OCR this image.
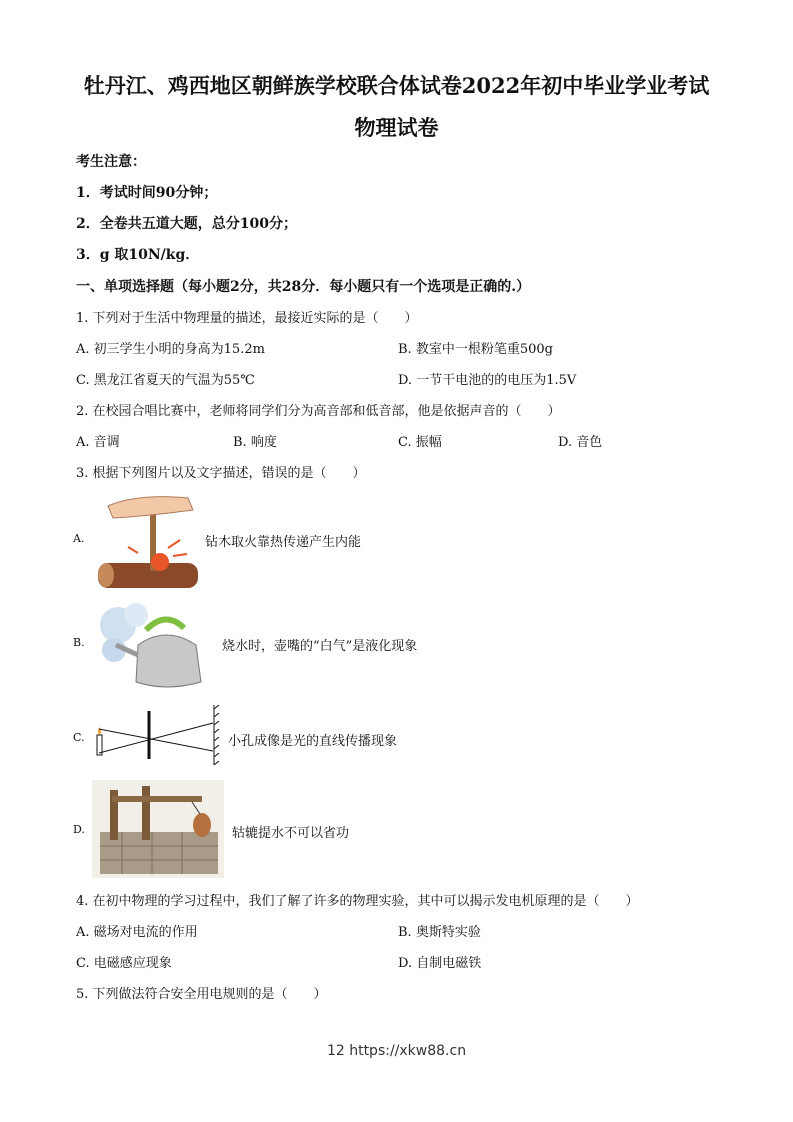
牡丹江、鸡西地区朝鲜族学校联合体试卷2022年初中毕业学业考试
物理试卷
考生注意：
1．考试时间90分钟；
2．全卷共五道大题，总分100分；
3．g 取10N/kg．
一、单项选择题（每小题2分，共28分．每小题只有一个选项是正确的.）
1. 下列对于生活中物理量的描述，最接近实际的是（　　）
A. 初三学生小明的身高为15.2m	B. 教室中一根粉笔重500g
C. 黑龙江省夏天的气温为55℃	D. 一节干电池的的电压为1.5V
2. 在校园合唱比赛中，老师将同学们分为高音部和低音部，他是依据声音的（　　）
A. 音调	B. 响度	C. 振幅	D. 音色
3. 根据下列图片以及文字描述，错误的是（　　）
A.	钻木取火靠热传递产生内能
B.	烧水时，壶嘴的“白气”是液化现象
C.	小孔成像是光的直线传播现象
D.	轱辘提水不可以省功
4. 在初中物理的学习过程中，我们了解了许多的物理实验，其中可以揭示发电机原理的是（　　）
A. 磁场对电流的作用	B. 奥斯特实验
C. 电磁感应现象	D. 自制电磁铁
5. 下列做法符合安全用电规则的是（　　）
12 https://xkw88.cn
